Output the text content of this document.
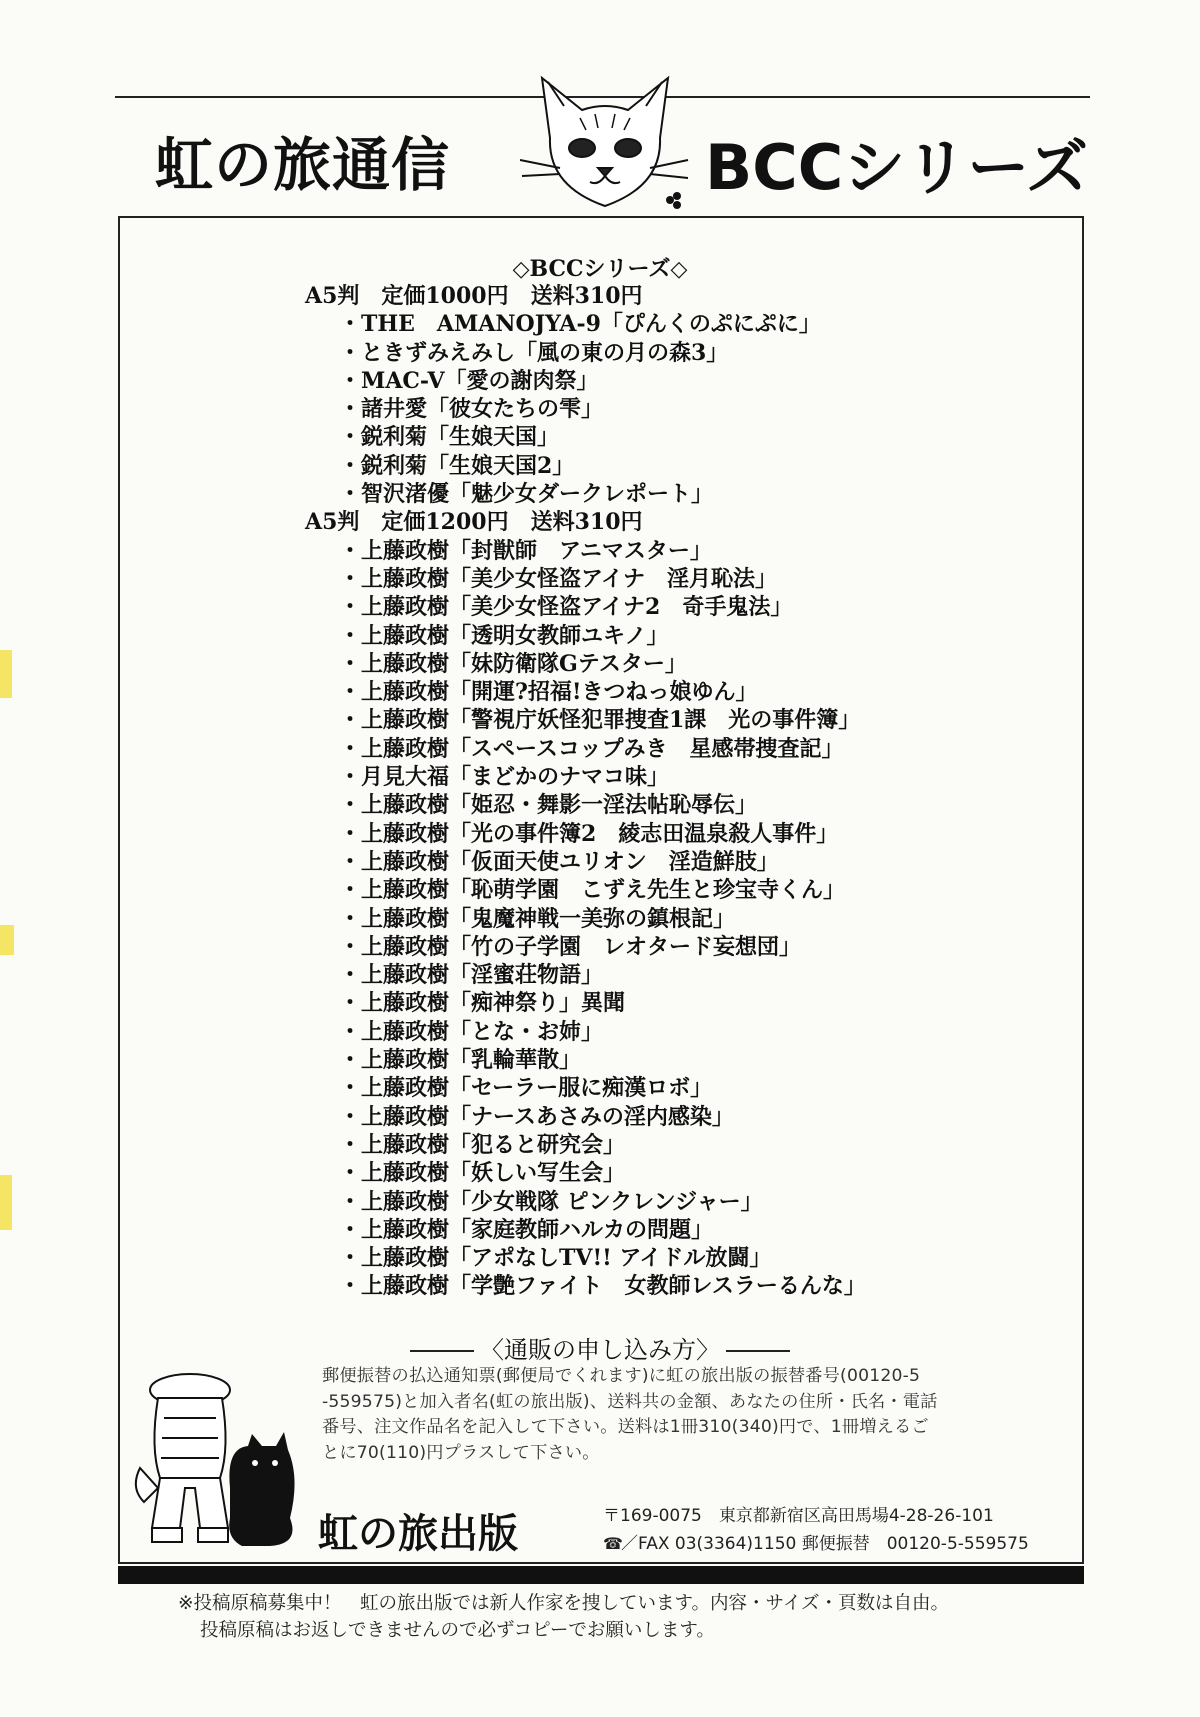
虹の旅通信	BCCシリーズ
◇BCCシリーズ◇
A5判　定価1000円　送料310円
・THE　AMANOJYA-9「ぴんくのぷにぷに」
・ときずみえみし「風の東の月の森3」
・MAC-V「愛の謝肉祭」
・諸井愛「彼女たちの雫」
・鋭利菊「生娘天国」
・鋭利菊「生娘天国2」
・智沢渚優「魅少女ダークレポート」
A5判　定価1200円　送料310円
・上藤政樹「封獣師　アニマスター」
・上藤政樹「美少女怪盗アイナ　淫月恥法」
・上藤政樹「美少女怪盗アイナ2　奇手鬼法」
・上藤政樹「透明女教師ユキノ」
・上藤政樹「妹防衛隊Gテスター」
・上藤政樹「開運?招福!きつねっ娘ゆん」
・上藤政樹「警視庁妖怪犯罪捜査1課　光の事件簿」
・上藤政樹「スペースコップみき　星感帯捜査記」
・月見大福「まどかのナマコ味」
・上藤政樹「姫忍・舞影一淫法帖恥辱伝」
・上藤政樹「光の事件簿2　綾志田温泉殺人事件」
・上藤政樹「仮面天使ユリオン　淫造鮮肢」
・上藤政樹「恥萌学園　こずえ先生と珍宝寺くん」
・上藤政樹「鬼魔神戦一美弥の鎮根記」
・上藤政樹「竹の子学園　レオタード妄想団」
・上藤政樹「淫蜜荘物語」
・上藤政樹「痴神祭り」異聞
・上藤政樹「とな・お姉」
・上藤政樹「乳輪華散」
・上藤政樹「セーラー服に痴漢ロボ」
・上藤政樹「ナースあさみの淫内感染」
・上藤政樹「犯ると研究会」
・上藤政樹「妖しい写生会」
・上藤政樹「少女戦隊 ピンクレンジャー」
・上藤政樹「家庭教師ハルカの問題」
・上藤政樹「アポなしTV!! アイドル放闘」
・上藤政樹「学艶ファイト　女教師レスラーるんな」
〈通販の申し込み方〉

郵便振替の払込通知票(郵便局でくれます)に虹の旅出版の振替番号(00120-5

-559575)と加入者名(虹の旅出版)、送料共の金額、あなたの住所・氏名・電話

番号、注文作品名を記入して下さい。送料は1冊310(340)円で、1冊増えるご

とに70(110)円プラスして下さい。

虹の旅出版	〒169-0075　東京都新宿区高田馬場4-28-26-101
☎／FAX 03(3364)1150 郵便振替　00120-5-559575

※投稿原稿募集中！　虹の旅出版では新人作家を捜しています。内容・サイズ・頁数は自由。

投稿原稿はお返しできませんので必ずコピーでお願いします。
